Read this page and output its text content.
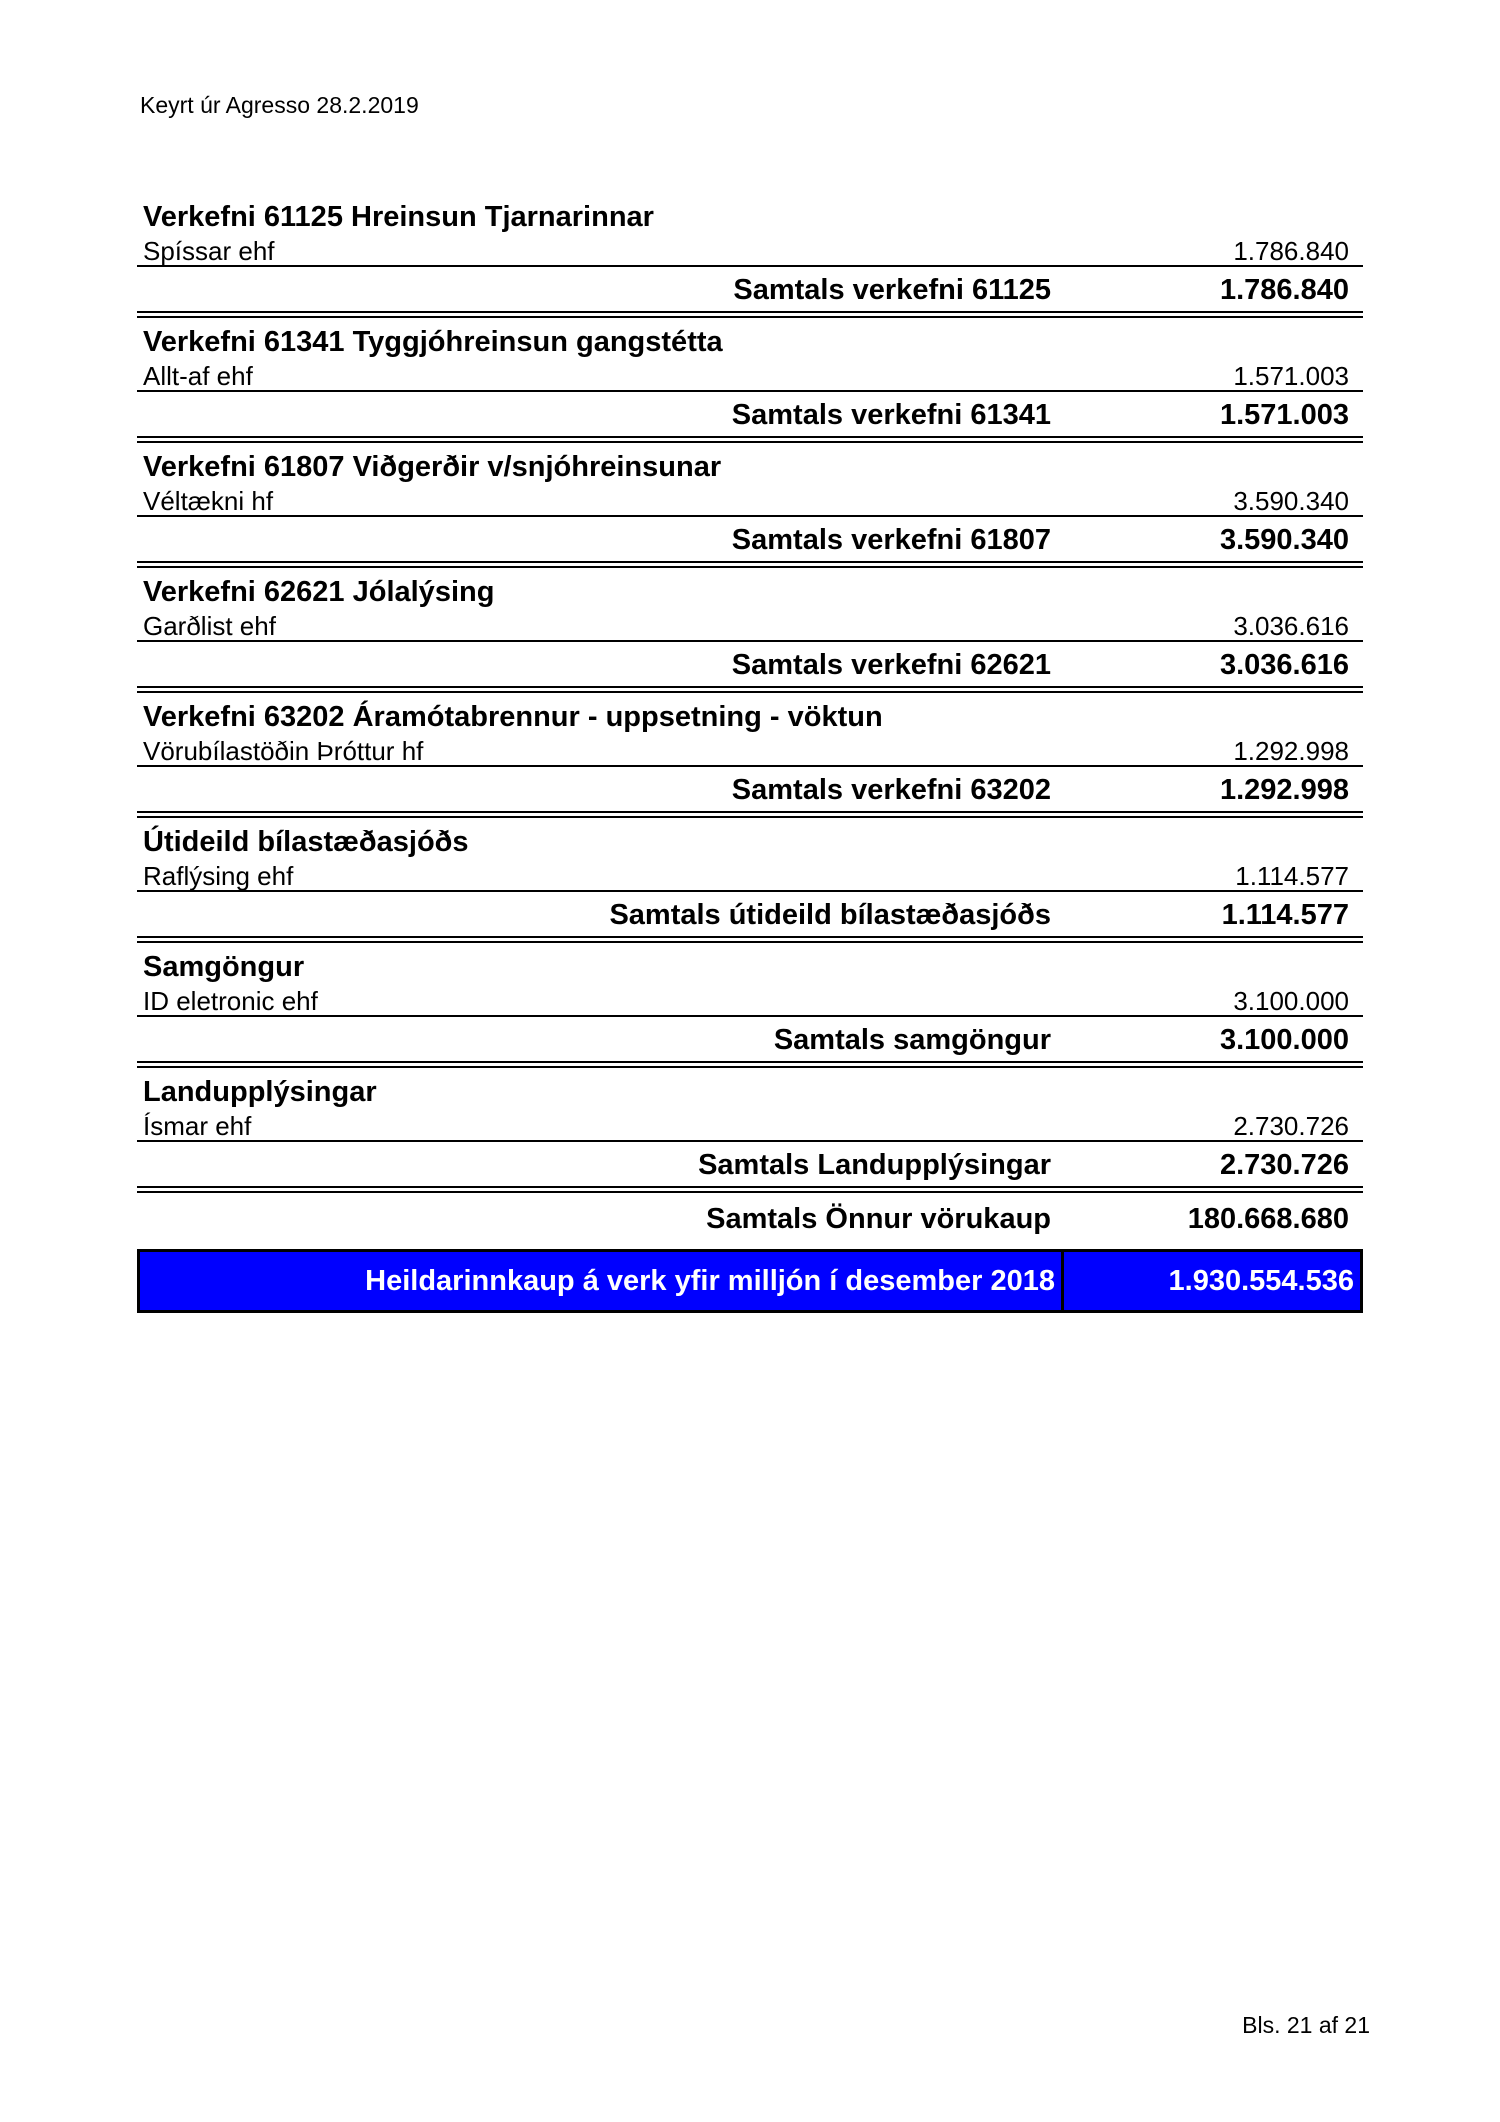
Keyrt úr Agresso 28.2.2019
Verkefni 61125 Hreinsun Tjarnarinnar
Spíssar ehf	1.786.840
Samtals verkefni 61125	1.786.840
Verkefni 61341 Tyggjóhreinsun gangstétta
Allt-af ehf	1.571.003
Samtals verkefni 61341	1.571.003
Verkefni 61807 Viðgerðir v/snjóhreinsunar
Véltækni hf	3.590.340
Samtals verkefni 61807	3.590.340
Verkefni 62621 Jólalýsing
Garðlist ehf	3.036.616
Samtals verkefni 62621	3.036.616
Verkefni 63202 Áramótabrennur - uppsetning - vöktun
Vörubílastöðin Þróttur hf	1.292.998
Samtals verkefni 63202	1.292.998
Útideild bílastæðasjóðs
Raflýsing ehf	1.114.577
Samtals útideild bílastæðasjóðs	1.114.577
Samgöngur
ID eletronic ehf	3.100.000
Samtals samgöngur	3.100.000
Landupplýsingar
Ísmar ehf	2.730.726
Samtals Landupplýsingar	2.730.726
Samtals Önnur vörukaup	180.668.680
Heildarinnkaup á verk yfir milljón í desember 2018	1.930.554.536
Bls. 21 af 21
